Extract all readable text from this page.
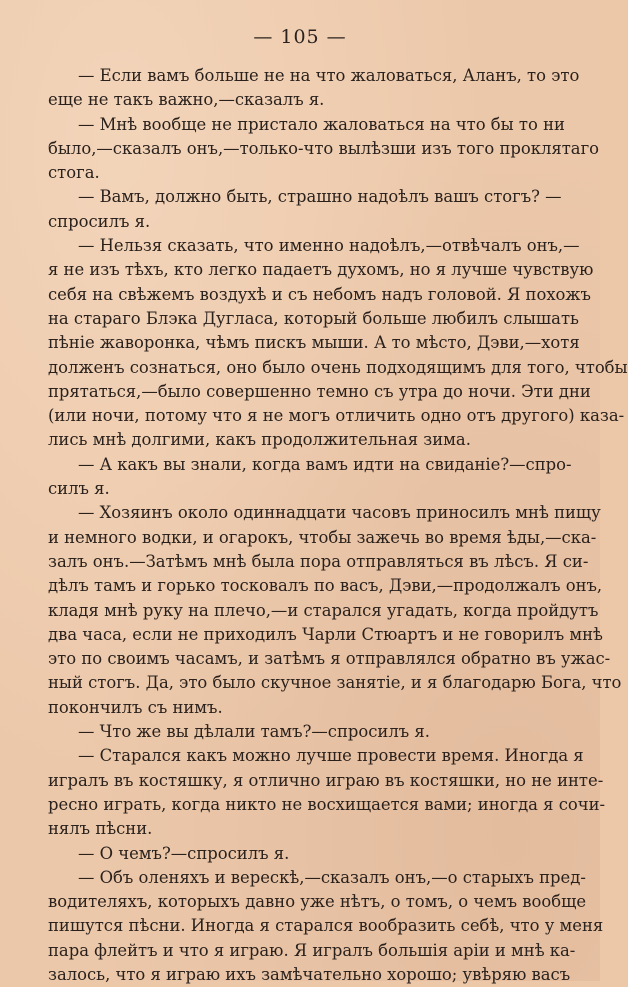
— 105 —
— Если вамъ больше не на что жаловаться, Аланъ, то это
еще не такъ важно,—сказалъ я.
— Мнѣ вообще не пристало жаловаться на что бы то ни
было,—сказалъ онъ,—только-что вылѣзши изъ того проклятаго
стога.
— Вамъ, должно быть, страшно надоѣлъ вашъ стогъ? —
спросилъ я.
— Нельзя сказать, что именно надоѣлъ,—отвѣчалъ онъ,—
я не изъ тѣхъ, кто легко падаетъ духомъ, но я лучше чувствую
себя на свѣжемъ воздухѣ и съ небомъ надъ головой. Я похожъ
на стараго Блэка Дугласа, который больше любилъ слышать
пѣніе жаворонка, чѣмъ пискъ мыши. А то мѣсто, Дэви,—хотя
долженъ сознаться, оно было очень подходящимъ для того, чтобы
прятаться,—было совершенно темно съ утра до ночи. Эти дни
(или ночи, потому что я не могъ отличить одно отъ другого) каза-
лись мнѣ долгими, какъ продолжительная зима.
— А какъ вы знали, когда вамъ идти на свиданіе?—спро-
силъ я.
— Хозяинъ около одиннадцати часовъ приносилъ мнѣ пищу
и немного водки, и огарокъ, чтобы зажечь во время ѣды,—ска-
залъ онъ.—Затѣмъ мнѣ была пора отправляться въ лѣсъ. Я си-
дѣлъ тамъ и горько тосковалъ по васъ, Дэви,—продолжалъ онъ,
кладя мнѣ руку на плечо,—и старался угадать, когда пройдутъ
два часа, если не приходилъ Чарли Стюартъ и не говорилъ мнѣ
это по своимъ часамъ, и затѣмъ я отправлялся обратно въ ужас-
ный стогъ. Да, это было скучное занятіе, и я благодарю Бога, что
покончилъ съ нимъ.
— Что же вы дѣлали тамъ?—спросилъ я.
— Старался какъ можно лучше провести время. Иногда я
игралъ въ костяшку, я отлично играю въ костяшки, но не инте-
ресно играть, когда никто не восхищается вами; иногда я сочи-
нялъ пѣсни.
— О чемъ?—спросилъ я.
— Объ оленяхъ и верескѣ,—сказалъ онъ,—о старыхъ пред-
водителяхъ, которыхъ давно уже нѣтъ, о томъ, о чемъ вообще
пишутся пѣсни. Иногда я старался вообразить себѣ, что у меня
пара флейтъ и что я играю. Я игралъ большія аріи и мнѣ ка-
залось, что я играю ихъ замѣчательно хорошо; увѣряю васъ
